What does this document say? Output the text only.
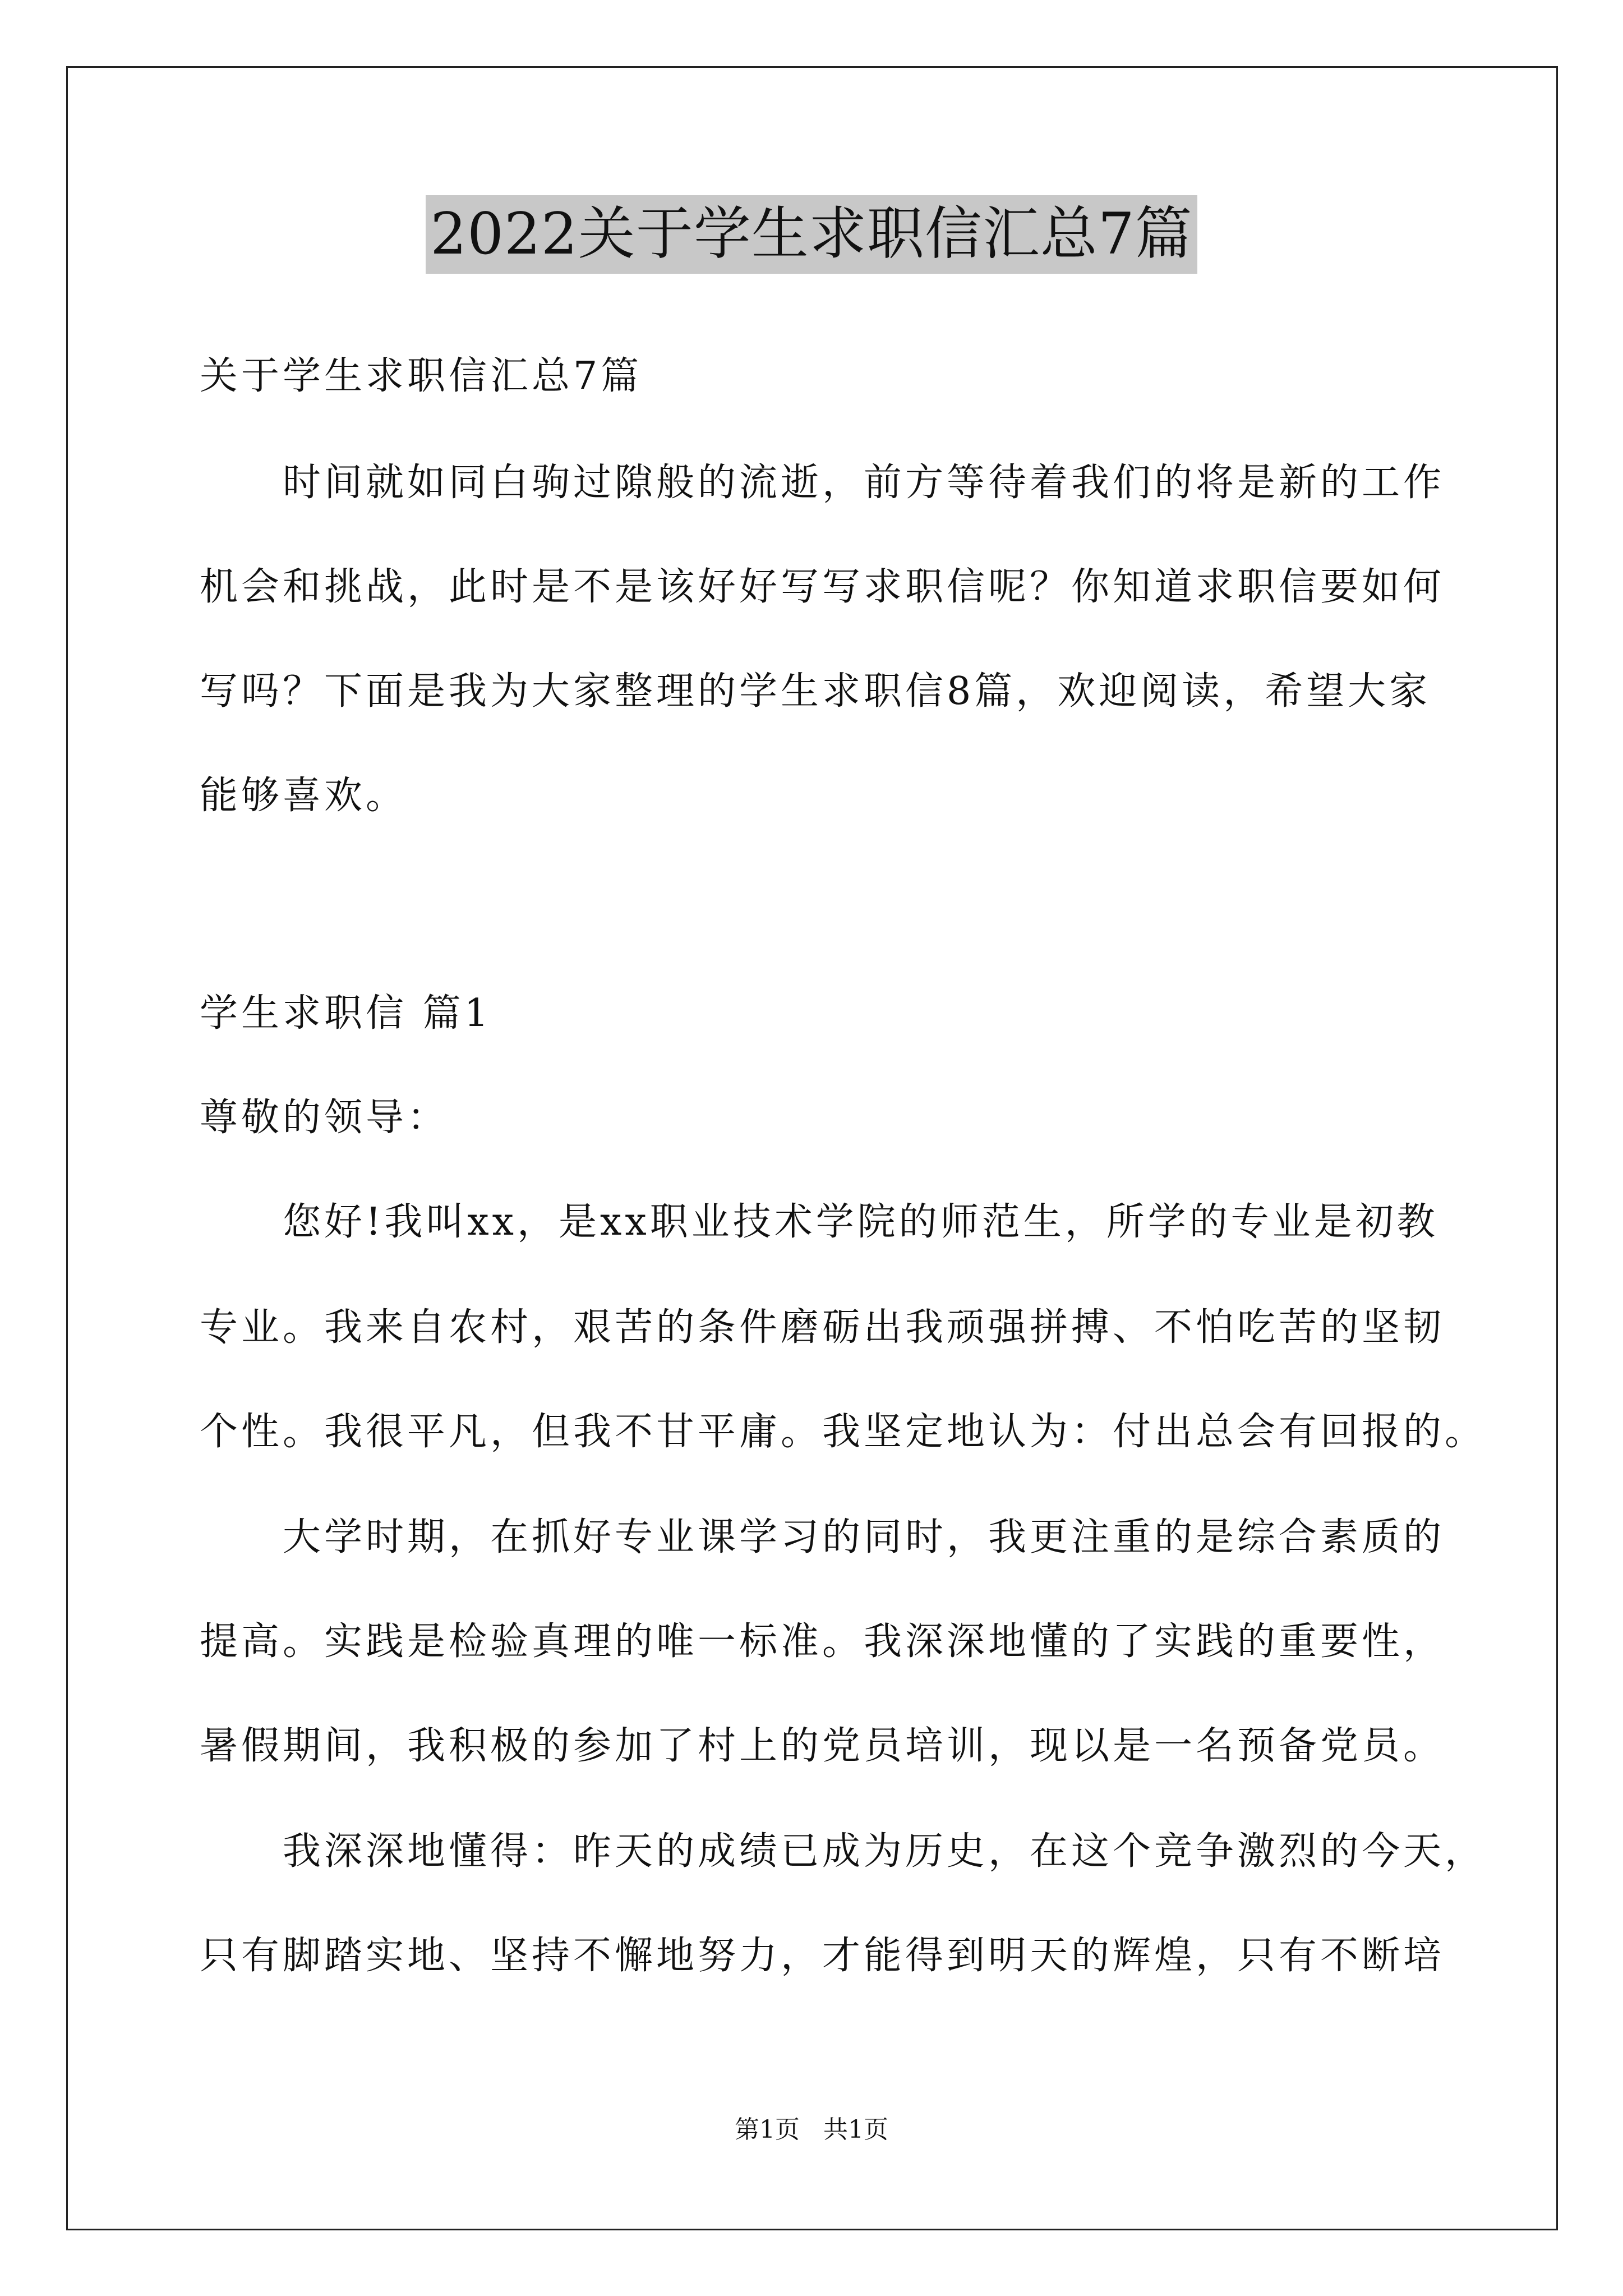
2022关于学生求职信汇总7篇
关于学生求职信汇总7篇
时间就如同白驹过隙般的流逝，前方等待着我们的将是新的工作
机会和挑战，此时是不是该好好写写求职信呢？你知道求职信要如何
写吗？下面是我为大家整理的学生求职信8篇，欢迎阅读，希望大家
能够喜欢。
学生求职信 篇1
尊敬的领导：
您好!我叫xx，是xx职业技术学院的师范生，所学的专业是初教
专业。我来自农村，艰苦的条件磨砺出我顽强拼搏、不怕吃苦的坚韧
个性。我很平凡，但我不甘平庸。我坚定地认为：付出总会有回报的。
大学时期，在抓好专业课学习的同时，我更注重的是综合素质的
提高。实践是检验真理的唯一标准。我深深地懂的了实践的重要性，
暑假期间，我积极的参加了村上的党员培训，现以是一名预备党员。
我深深地懂得：昨天的成绩已成为历史，在这个竞争激烈的今天，
只有脚踏实地、坚持不懈地努力，才能得到明天的辉煌，只有不断培
第1页 共1页
